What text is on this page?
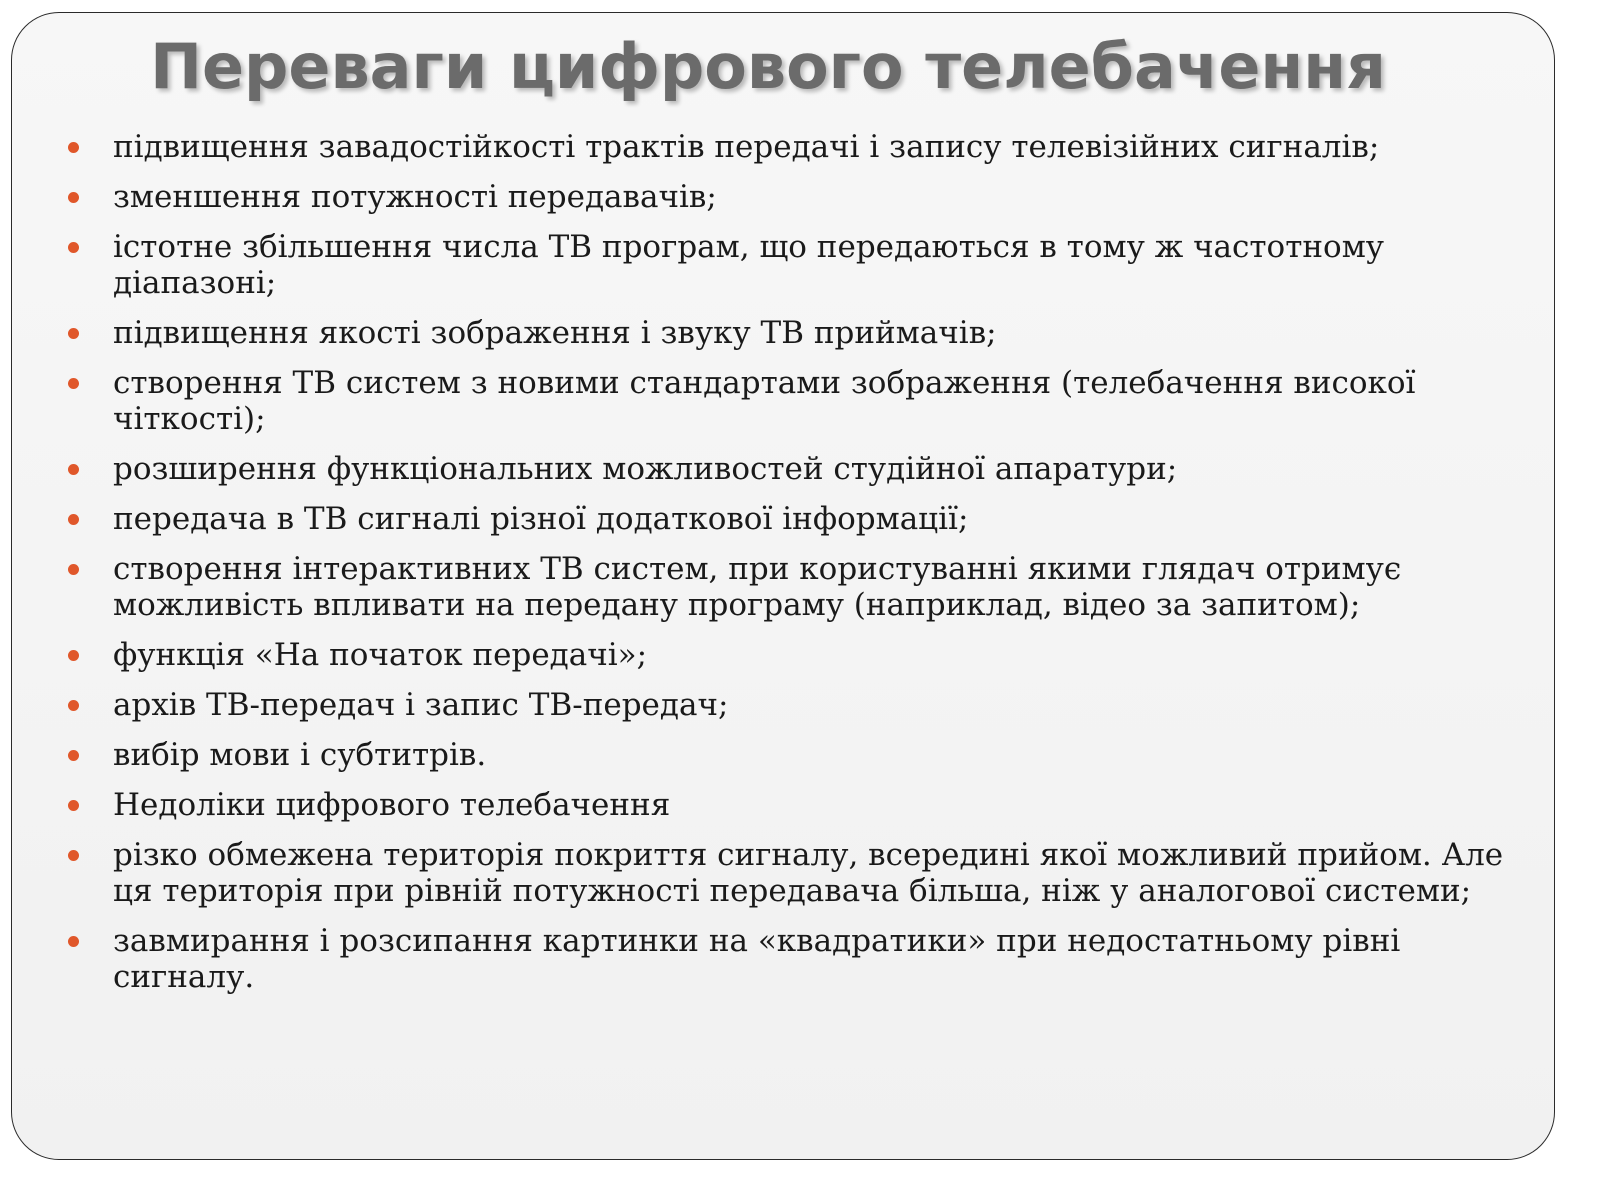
Переваги цифрового телебачення
підвищення завадостійкості трактів передачі і запису телевізійних сигналів;
зменшення потужності передавачів;
істотне збільшення числа ТВ програм, що передаються в тому ж частотному діапазоні;
підвищення якості зображення і звуку ТВ приймачів;
створення ТВ систем з новими стандартами зображення (телебачення високої чіткості);
розширення функціональних можливостей студійної апаратури;
передача в ТВ сигналі різної додаткової інформації;
створення інтерактивних ТВ систем, при користуванні якими глядач отримує можливість впливати на передану програму (наприклад, відео за запитом);
функція «На початок передачі»;
архів ТВ-передач і запис ТВ-передач;
вибір мови і субтитрів.
Недоліки цифрового телебачення
різко обмежена територія покриття сигналу, всередині якої можливий прийом. Але ця територія при рівній потужності передавача більша, ніж у аналогової системи;
завмирання і розсипання картинки на «квадратики» при недостатньому рівні сигналу.
